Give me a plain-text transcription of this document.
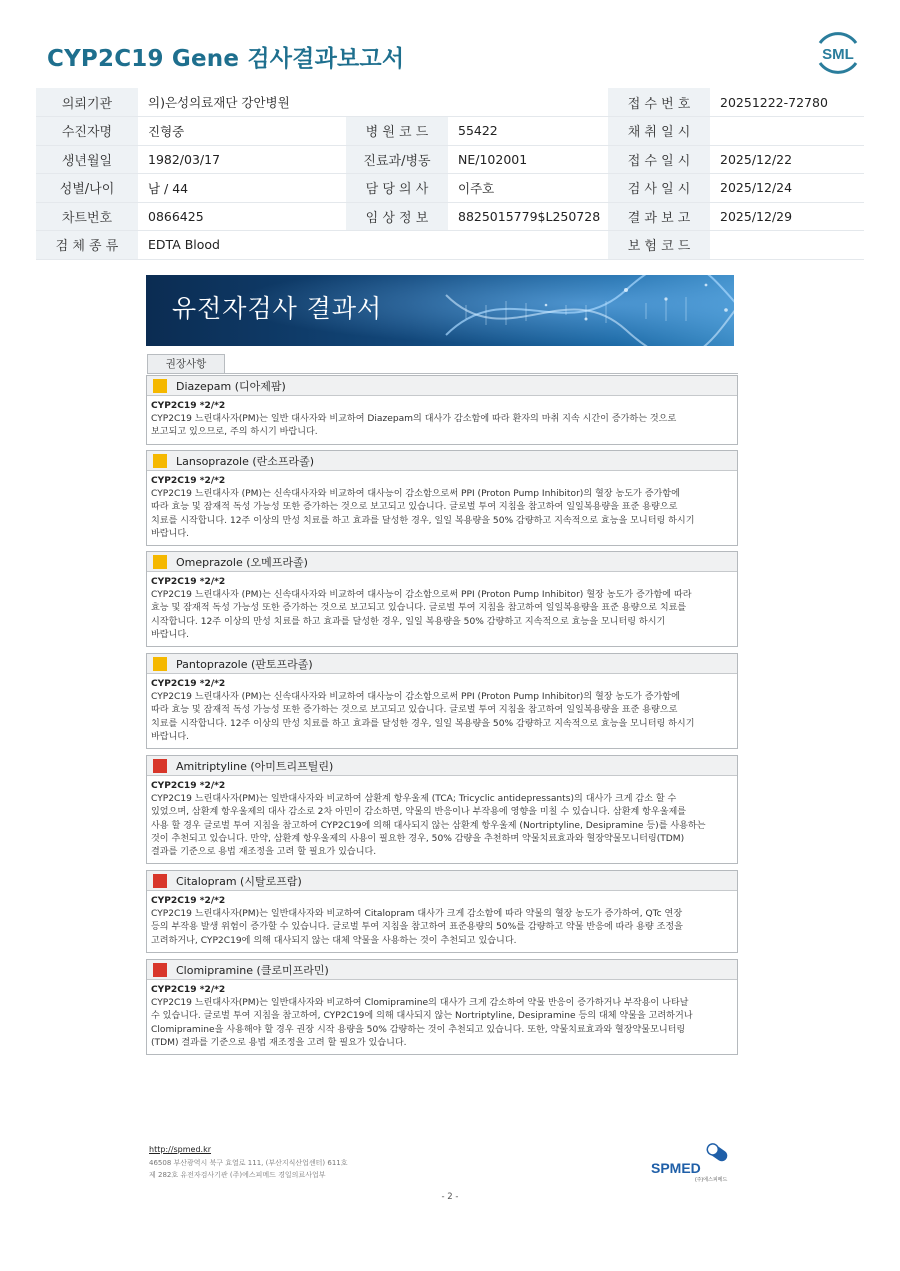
CYP2C19 Gene 검사결과보고서	SML
의뢰기관	의)은성의료재단 강안병원			접 수 번 호	20251222-72780
수진자명	진형중	병 원 코 드	55422	채 취 일 시	
생년월일	1982/03/17	진료과/병동	NE/102001	접 수 일 시	2025/12/22
성별/나이	남 / 44	담 당 의 사	이주호	검 사 일 시	2025/12/24
차트번호	0866425	임 상 정 보	8825015779$L250728	결 과 보 고	2025/12/29
검 체 종 류	EDTA Blood			보 험 코 드	
유전자검사 결과서
권장사항
Diazepam (디아제팜)
CYP2C19 *2/*2
CYP2C19 느린대사자(PM)는 일반 대사자와 비교하여 Diazepam의 대사가 감소함에 따라 환자의 마취 지속 시간이 증가하는 것으로
보고되고 있으므로, 주의 하시기 바랍니다.
Lansoprazole (란소프라졸)
CYP2C19 *2/*2
CYP2C19 느린대사자 (PM)는 신속대사자와 비교하여 대사능이 감소함으로써 PPI (Proton Pump Inhibitor)의 혈장 농도가 증가함에
따라 효능 및 잠재적 독성 가능성 또한 증가하는 것으로 보고되고 있습니다. 글로벌 투여 지침을 참고하여 일일복용량을 표준 용량으로
치료를 시작합니다. 12주 이상의 만성 치료를 하고 효과를 달성한 경우, 일일 복용량을 50% 감량하고 지속적으로 효능을 모니터링 하시기
바랍니다.
Omeprazole (오메프라졸)
CYP2C19 *2/*2
CYP2C19 느린대사자 (PM)는 신속대사자와 비교하여 대사능이 감소함으로써 PPI (Proton Pump Inhibitor) 혈장 농도가 증가함에 따라
효능 및 잠재적 독성 가능성 또한 증가하는 것으로 보고되고 있습니다. 글로벌 투여 지침을 참고하여 일일복용량을 표준 용량으로 치료를
시작합니다. 12주 이상의 만성 치료를 하고 효과를 달성한 경우, 일일 복용량을 50% 감량하고 지속적으로 효능을 모니터링 하시기
바랍니다.
Pantoprazole (판토프라졸)
CYP2C19 *2/*2
CYP2C19 느린대사자 (PM)는 신속대사자와 비교하여 대사능이 감소함으로써 PPI (Proton Pump Inhibitor)의 혈장 농도가 증가함에
따라 효능 및 잠재적 독성 가능성 또한 증가하는 것으로 보고되고 있습니다. 글로벌 투여 지침을 참고하여 일일복용량을 표준 용량으로
치료를 시작합니다. 12주 이상의 만성 치료를 하고 효과를 달성한 경우, 일일 복용량을 50% 감량하고 지속적으로 효능을 모니터링 하시기
바랍니다.
Amitriptyline (아미트리프틸린)
CYP2C19 *2/*2
CYP2C19 느린대사자(PM)는 일반대사자와 비교하여 삼환계 항우울제 (TCA; Tricyclic antidepressants)의 대사가 크게 감소 할 수
있었으며, 삼환계 항우울제의 대사 감소로 2차 아민이 감소하면, 약물의 반응이나 부작용에 영향을 미칠 수 있습니다. 삼환계 항우울제를
사용 할 경우 글로벌 투여 지침을 참고하여 CYP2C19에 의해 대사되지 않는 삼환계 항우울제 (Nortriptyline, Desipramine 등)를 사용하는
것이 추천되고 있습니다. 만약, 삼환계 항우울제의 사용이 필요한 경우, 50% 감량을 추천하며 약물치료효과와 혈장약물모니터링(TDM)
결과를 기준으로 용법 재조정을 고려 할 필요가 있습니다.
Citalopram (시탈로프람)
CYP2C19 *2/*2
CYP2C19 느린대사자(PM)는 일반대사자와 비교하여 Citalopram 대사가 크게 감소함에 따라 약물의 혈장 농도가 증가하여, QTc 연장
등의 부작용 발생 위험이 증가할 수 있습니다. 글로벌 투여 지침을 참고하여 표준용량의 50%를 감량하고 약물 반응에 따라 용량 조정을
고려하거나, CYP2C19에 의해 대사되지 않는 대체 약물을 사용하는 것이 추천되고 있습니다.
Clomipramine (클로미프라민)
CYP2C19 *2/*2
CYP2C19 느린대사자(PM)는 일반대사자와 비교하여 Clomipramine의 대사가 크게 감소하여 약물 반응이 증가하거나 부작용이 나타날
수 있습니다. 글로벌 투여 지침을 참고하여, CYP2C19에 의해 대사되지 않는 Nortriptyline, Desipramine 등의 대체 약물을 고려하거나
Clomipramine을 사용해야 할 경우 권장 시작 용량을 50% 감량하는 것이 추천되고 있습니다. 또한, 약물치료효과와 혈장약물모니터링
(TDM) 결과를 기준으로 용법 재조정을 고려 할 필요가 있습니다.
http://spmed.kr
46508 부산광역시 북구 효열로 111, (부산지식산업센터) 611호
제 282호 유전자검사기관 (주)에스피메드 경일의료사업부	SPMED
(주)에스피메드
- 2 -
